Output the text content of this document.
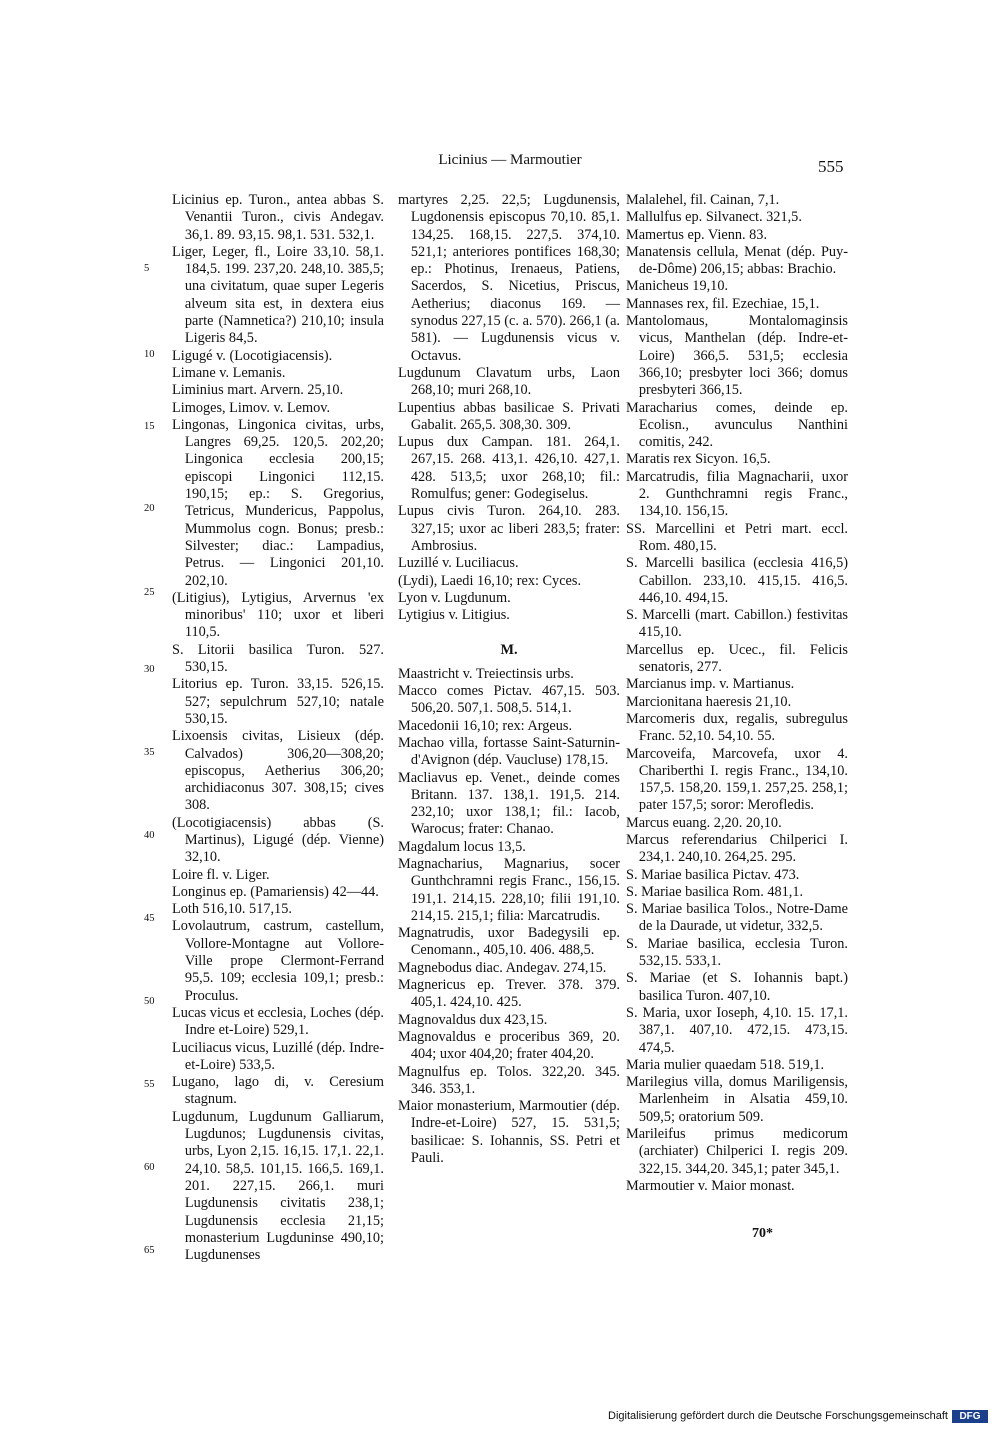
Licinius — Marmoutier	555
5
10
15
20
25
30
35
40
45
50
55
60
65

Licinius ep. Turon., antea abbas S. Venantii Turon., civis Andegav. 36,1. 89. 93,15. 98,1. 531. 532,1.

Liger, Leger, fl., Loire 33,10. 58,1. 184,5. 199. 237,20. 248,10. 385,5; una civitatum, quae super Legeris alveum sita est, in dextera eius parte (Namnetica?) 210,10; insula Ligeris 84,5.

Ligugé v. (Locotigiacensis).

Limane v. Lemanis.

Liminius mart. Arvern. 25,10.

Limoges, Limov. v. Lemov.

Lingonas, Lingonica civitas, urbs, Langres 69,25. 120,5. 202,20; Lingonica ecclesia 200,15; episcopi Lingonici 112,15. 190,15; ep.: S. Gregorius, Tetricus, Mundericus, Pappolus, Mummolus cogn. Bonus; presb.: Silvester; diac.: Lampadius, Petrus. — Lingonici 201,10. 202,10.

(Litigius), Lytigius, Arvernus 'ex minoribus' 110; uxor et liberi 110,5.

S. Litorii basilica Turon. 527. 530,15.

Litorius ep. Turon. 33,15. 526,15. 527; sepulchrum 527,10; natale 530,15.

Lixoensis civitas, Lisieux (dép. Calvados) 306,20—308,20; episcopus, Aetherius 306,20; archidiaconus 307. 308,15; cives 308.

(Locotigiacensis) abbas (S. Martinus), Ligugé (dép. Vienne) 32,10.

Loire fl. v. Liger.

Longinus ep. (Pamariensis) 42—44.

Loth 516,10. 517,15.

Lovolautrum, castrum, castellum, Vollore-Montagne aut Vollore-Ville prope Clermont-Ferrand 95,5. 109; ecclesia 109,1; presb.: Proculus.

Lucas vicus et ecclesia, Loches (dép. Indre et-Loire) 529,1.

Luciliacus vicus, Luzillé (dép. Indre-et-Loire) 533,5.

Lugano, lago di, v. Ceresium stagnum.

Lugdunum, Lugdunum Galliarum, Lugdunos; Lugdunensis civitas, urbs, Lyon 2,15. 16,15. 17,1. 22,1. 24,10. 58,5. 101,15. 166,5. 169,1. 201. 227,15. 266,1. muri Lugdunensis civitatis 238,1; Lugdunensis ecclesia 21,15; monasterium Lugduninse 490,10; Lugdunenses

martyres 2,25. 22,5; Lugdunensis, Lugdonensis episcopus 70,10. 85,1. 134,25. 168,15. 227,5. 374,10. 521,1; anteriores pontifices 168,30; ep.: Photinus, Irenaeus, Patiens, Sacerdos, S. Nicetius, Priscus, Aetherius; diaconus 169. — synodus 227,15 (c. a. 570). 266,1 (a. 581). — Lugdunensis vicus v. Octavus.

Lugdunum Clavatum urbs, Laon 268,10; muri 268,10.

Lupentius abbas basilicae S. Privati Gabalit. 265,5. 308,30. 309.

Lupus dux Campan. 181. 264,1. 267,15. 268. 413,1. 426,10. 427,1. 428. 513,5; uxor 268,10; fil.: Romulfus; gener: Godegiselus.

Lupus civis Turon. 264,10. 283. 327,15; uxor ac liberi 283,5; frater: Ambrosius.

Luzillé v. Luciliacus.

(Lydi), Laedi 16,10; rex: Cyces.

Lyon v. Lugdunum.

Lytigius v. Litigius.

M.

Maastricht v. Treiectinsis urbs.

Macco comes Pictav. 467,15. 503. 506,20. 507,1. 508,5. 514,1.

Macedonii 16,10; rex: Argeus.

Machao villa, fortasse Saint-Saturnin-d'Avignon (dép. Vaucluse) 178,15.

Macliavus ep. Venet., deinde comes Britann. 137. 138,1. 191,5. 214. 232,10; uxor 138,1; fil.: Iacob, Warocus; frater: Chanao.

Magdalum locus 13,5.

Magnacharius, Magnarius, socer Gunthchramni regis Franc., 156,15. 191,1. 214,15. 228,10; filii 191,10. 214,15. 215,1; filia: Marcatrudis.

Magnatrudis, uxor Badegysili ep. Cenomann., 405,10. 406. 488,5.

Magnebodus diac. Andegav. 274,15.

Magnericus ep. Trever. 378. 379. 405,1. 424,10. 425.

Magnovaldus dux 423,15.

Magnovaldus e proceribus 369, 20. 404; uxor 404,20; frater 404,20.

Magnulfus ep. Tolos. 322,20. 345. 346. 353,1.

Maior monasterium, Marmoutier (dép. Indre-et-Loire) 527, 15. 531,5; basilicae: S. Iohannis, SS. Petri et Pauli.

Malalehel, fil. Cainan, 7,1.

Mallulfus ep. Silvanect. 321,5.

Mamertus ep. Vienn. 83.

Manatensis cellula, Menat (dép. Puy-de-Dôme) 206,15; abbas: Brachio.

Manicheus 19,10.

Mannases rex, fil. Ezechiae, 15,1.

Mantolomaus, Montalomaginsis vicus, Manthelan (dép. Indre-et-Loire) 366,5. 531,5; ecclesia 366,10; presbyter loci 366; domus presbyteri 366,15.

Maracharius comes, deinde ep. Ecolisn., avunculus Nanthini comitis, 242.

Maratis rex Sicyon. 16,5.

Marcatrudis, filia Magnacharii, uxor 2. Gunthchramni regis Franc., 134,10. 156,15.

SS. Marcellini et Petri mart. eccl. Rom. 480,15.

S. Marcelli basilica (ecclesia 416,5) Cabillon. 233,10. 415,15. 416,5. 446,10. 494,15.

S. Marcelli (mart. Cabillon.) festivitas 415,10.

Marcellus ep. Ucec., fil. Felicis senatoris, 277.

Marcianus imp. v. Martianus.

Marcionitana haeresis 21,10.

Marcomeris dux, regalis, subregulus Franc. 52,10. 54,10. 55.

Marcoveifa, Marcovefa, uxor 4. Chariberthi I. regis Franc., 134,10. 157,5. 158,20. 159,1. 257,25. 258,1; pater 157,5; soror: Merofledis.

Marcus euang. 2,20. 20,10.

Marcus referendarius Chilperici I. 234,1. 240,10. 264,25. 295.

S. Mariae basilica Pictav. 473.

S. Mariae basilica Rom. 481,1.

S. Mariae basilica Tolos., Notre-Dame de la Daurade, ut videtur, 332,5.

S. Mariae basilica, ecclesia Turon. 532,15. 533,1.

S. Mariae (et S. Iohannis bapt.) basilica Turon. 407,10.

S. Maria, uxor Ioseph, 4,10. 15. 17,1. 387,1. 407,10. 472,15. 473,15. 474,5.

Maria mulier quaedam 518. 519,1.

Marilegius villa, domus Mariligensis, Marlenheim in Alsatia 459,10. 509,5; oratorium 509.

Marileifus primus medicorum (archiater) Chilperici I. regis 209. 322,15. 344,20. 345,1; pater 345,1.

Marmoutier v. Maior monast.

70*
Digitalisierung gefördert durch die Deutsche Forschungsgemeinschaft	DFG
